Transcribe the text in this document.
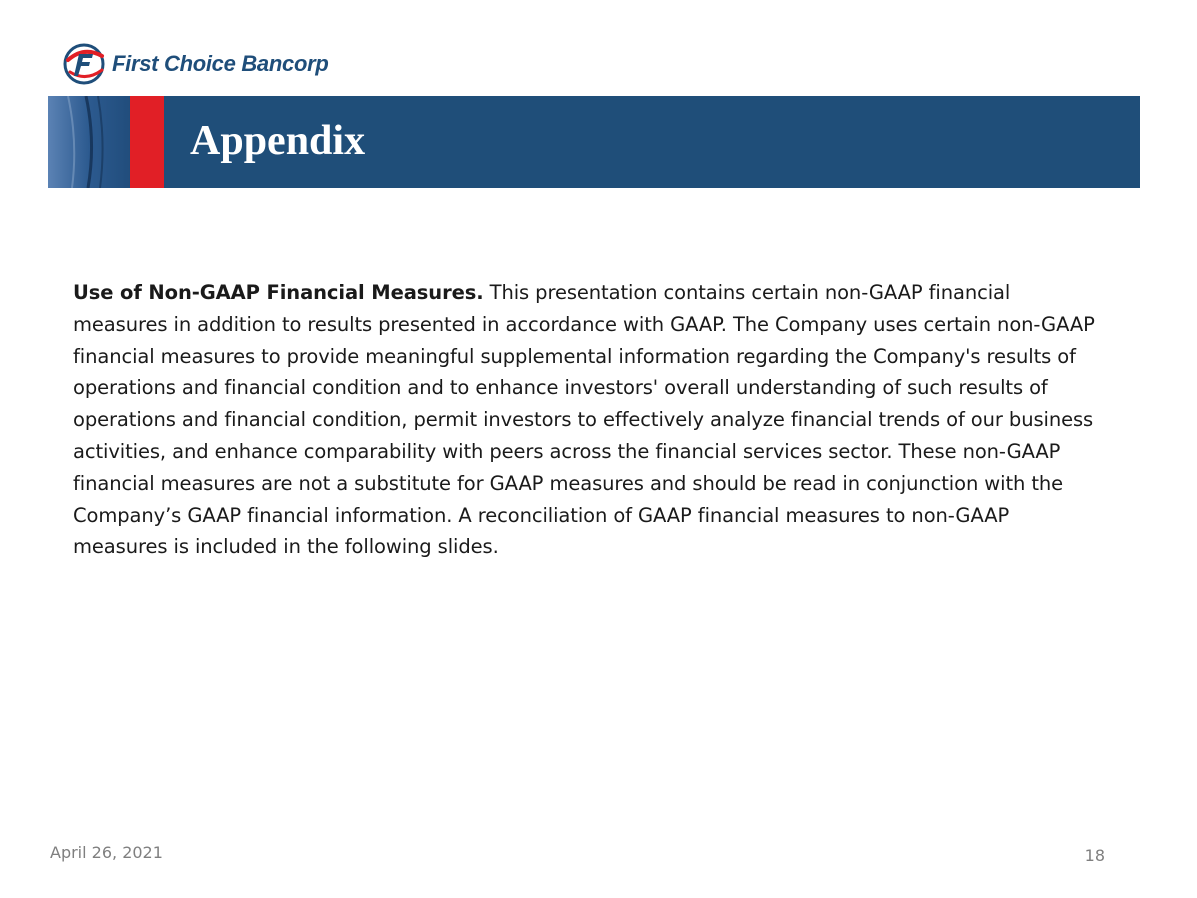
First Choice Bancorp
Appendix
Use of Non-GAAP Financial Measures. This presentation contains certain non-GAAP financial measures in addition to results presented in accordance with GAAP. The Company uses certain non-GAAP financial measures to provide meaningful supplemental information regarding the Company's results of operations and financial condition and to enhance investors' overall understanding of such results of operations and financial condition, permit investors to effectively analyze financial trends of our business activities, and enhance comparability with peers across the financial services sector. These non-GAAP financial measures are not a substitute for GAAP measures and should be read in conjunction with the Company’s GAAP financial information. A reconciliation of GAAP financial measures to non-GAAP measures is included in the following slides.
April 26, 2021	18
